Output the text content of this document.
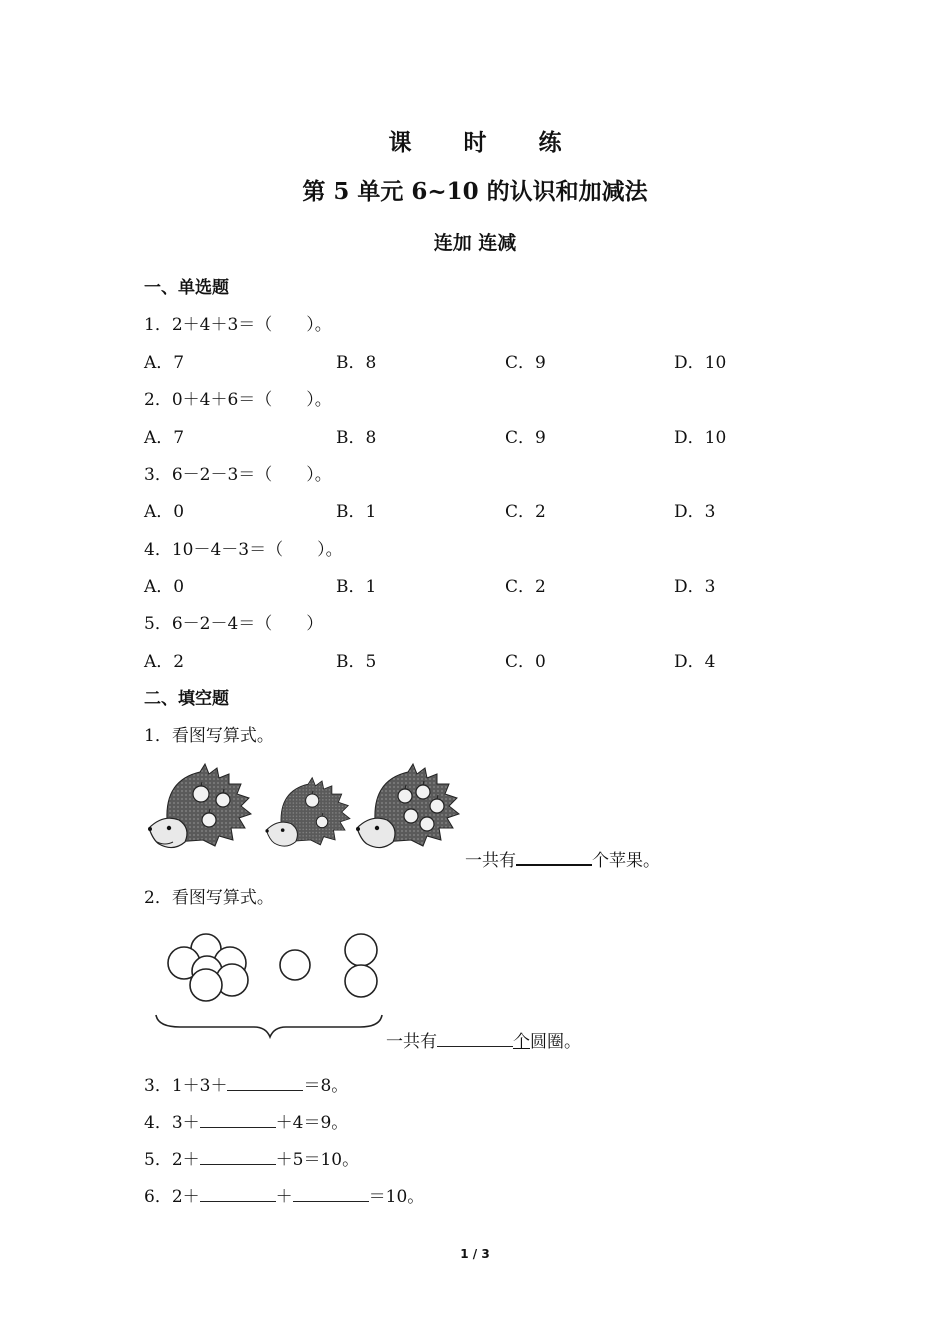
课 时 练
第 5 单元 6~10 的认识和加减法
连加 连减
一、单选题
1．2＋4＋3＝（　　）。
A．7	B．8	C．9	D．10
2．0＋4＋6＝（　　）。
A．7	B．8	C．9	D．10
3．6－2－3＝（　　）。
A．0	B．1	C．2	D．3
4．10－4－3＝（　　）。
A．0	B．1	C．2	D．3
5．6－2－4＝（　　）
A．2	B．5	C．0	D．4
二、填空题
1．看图写算式。
一共有	个苹果。
2．看图写算式。
一共有	个圆圈。
3．1＋3＋	＝8。
4．3＋	＋4＝9。
5．2＋	＋5＝10。
6．2＋	＋	＝10。
1 / 3
